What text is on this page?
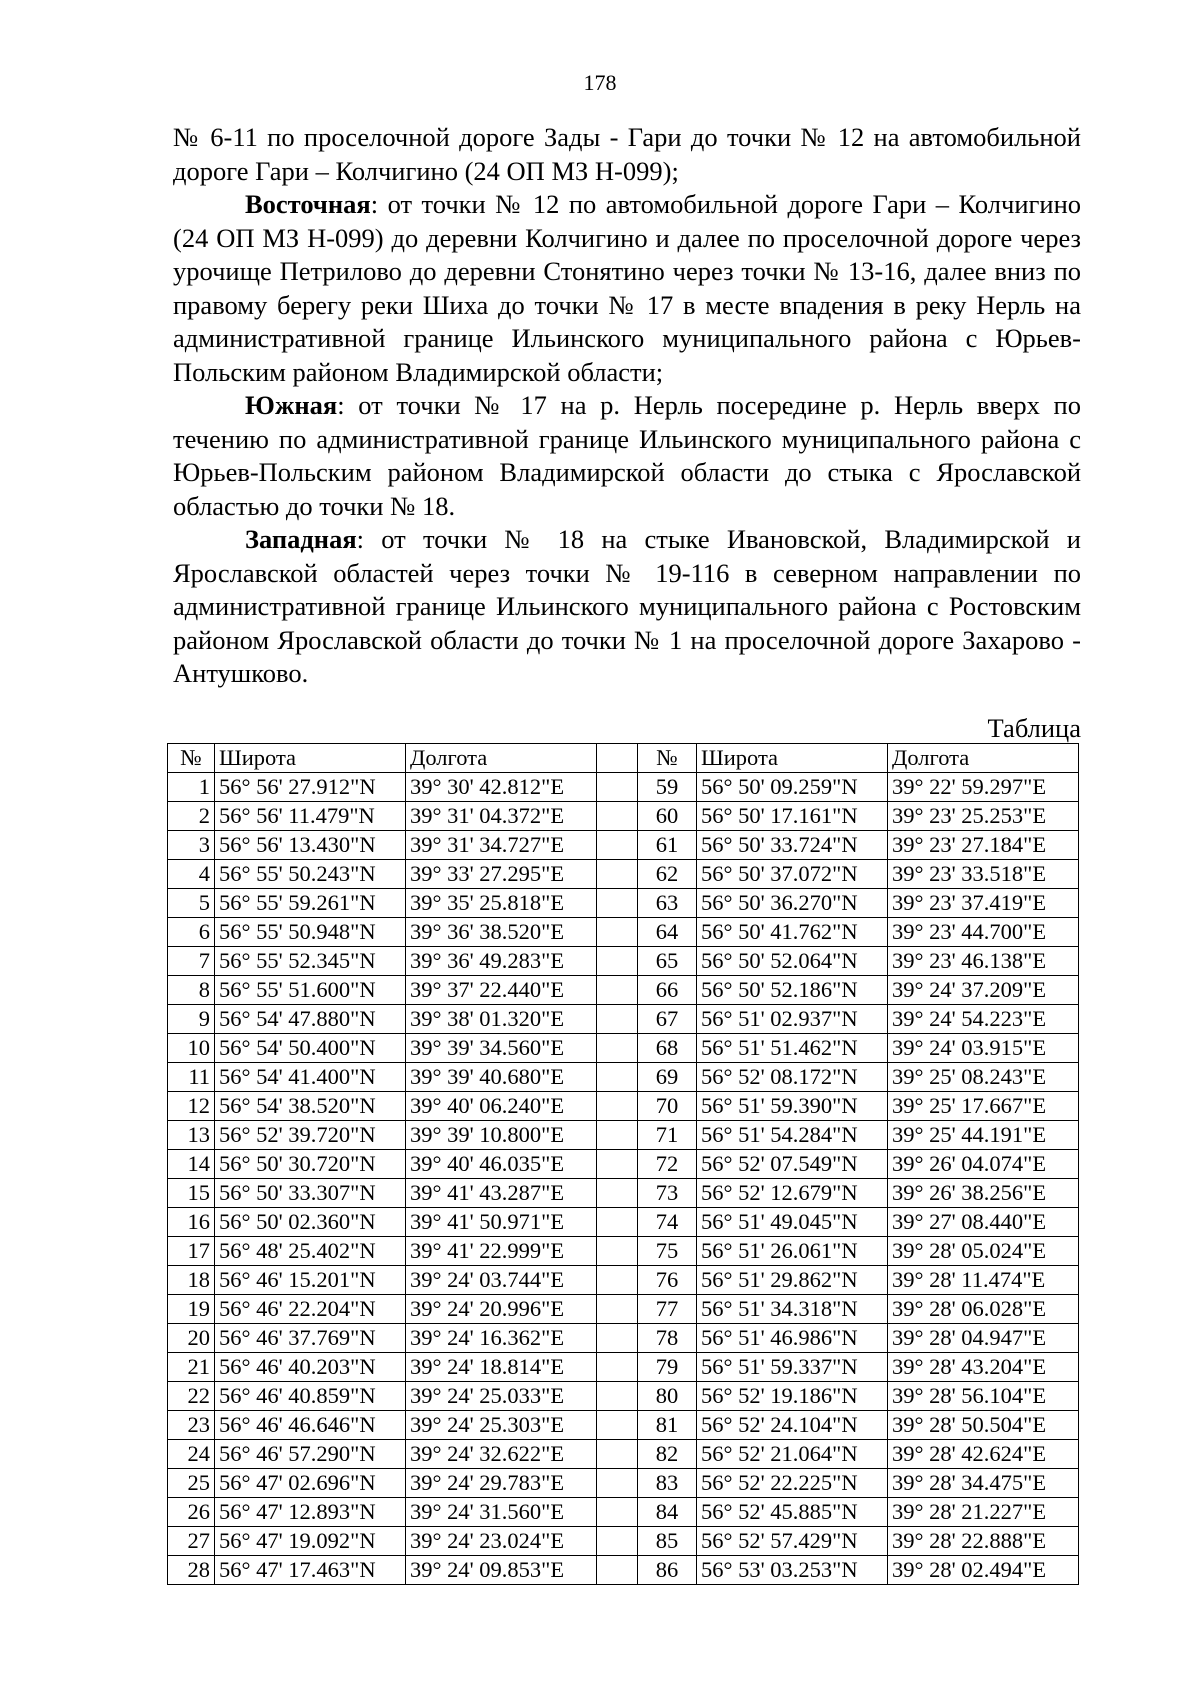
178

№ 6-11 по проселочной дороге Зады - Гари до точки № 12 на автомобильной дороге Гари – Колчигино (24 ОП МЗ Н-099);

Восточная: от точки № 12 по автомобильной дороге Гари – Колчигино (24 ОП МЗ Н-099) до деревни Колчигино и далее по проселочной дороге через урочище Петрилово до деревни Стонятино через точки № 13-16, далее вниз по правому берегу реки Шиха до точки № 17 в месте впадения в реку Нерль на административной границе Ильинского муниципального района с Юрьев-Польским районом Владимирской области;

Южная: от точки № 17 на р. Нерль посередине р. Нерль вверх по течению по административной границе Ильинского муниципального района с Юрьев-Польским районом Владимирской области до стыка с Ярославской областью до точки № 18.

Западная: от точки № 18 на стыке Ивановской, Владимирской и Ярославской областей через точки № 19-116 в северном направлении по административной границе Ильинского муниципального района с Ростовским районом Ярославской области до точки № 1 на проселочной дороге Захарово - Антушково.

Таблица
№	Широта	Долгота		№	Широта	Долгота
1	56° 56' 27.912"N	39° 30' 42.812"E		59	56° 50' 09.259"N	39° 22' 59.297"E
2	56° 56' 11.479"N	39° 31' 04.372"E		60	56° 50' 17.161"N	39° 23' 25.253"E
3	56° 56' 13.430"N	39° 31' 34.727"E		61	56° 50' 33.724"N	39° 23' 27.184"E
4	56° 55' 50.243"N	39° 33' 27.295"E		62	56° 50' 37.072"N	39° 23' 33.518"E
5	56° 55' 59.261"N	39° 35' 25.818"E		63	56° 50' 36.270"N	39° 23' 37.419"E
6	56° 55' 50.948"N	39° 36' 38.520"E		64	56° 50' 41.762"N	39° 23' 44.700"E
7	56° 55' 52.345"N	39° 36' 49.283"E		65	56° 50' 52.064"N	39° 23' 46.138"E
8	56° 55' 51.600"N	39° 37' 22.440"E		66	56° 50' 52.186"N	39° 24' 37.209"E
9	56° 54' 47.880"N	39° 38' 01.320"E		67	56° 51' 02.937"N	39° 24' 54.223"E
10	56° 54' 50.400"N	39° 39' 34.560"E		68	56° 51' 51.462"N	39° 24' 03.915"E
11	56° 54' 41.400"N	39° 39' 40.680"E		69	56° 52' 08.172"N	39° 25' 08.243"E
12	56° 54' 38.520"N	39° 40' 06.240"E		70	56° 51' 59.390"N	39° 25' 17.667"E
13	56° 52' 39.720"N	39° 39' 10.800"E		71	56° 51' 54.284"N	39° 25' 44.191"E
14	56° 50' 30.720"N	39° 40' 46.035"E		72	56° 52' 07.549"N	39° 26' 04.074"E
15	56° 50' 33.307"N	39° 41' 43.287"E		73	56° 52' 12.679"N	39° 26' 38.256"E
16	56° 50' 02.360"N	39° 41' 50.971"E		74	56° 51' 49.045"N	39° 27' 08.440"E
17	56° 48' 25.402"N	39° 41' 22.999"E		75	56° 51' 26.061"N	39° 28' 05.024"E
18	56° 46' 15.201"N	39° 24' 03.744"E		76	56° 51' 29.862"N	39° 28' 11.474"E
19	56° 46' 22.204"N	39° 24' 20.996"E		77	56° 51' 34.318"N	39° 28' 06.028"E
20	56° 46' 37.769"N	39° 24' 16.362"E		78	56° 51' 46.986"N	39° 28' 04.947"E
21	56° 46' 40.203"N	39° 24' 18.814"E		79	56° 51' 59.337"N	39° 28' 43.204"E
22	56° 46' 40.859"N	39° 24' 25.033"E		80	56° 52' 19.186"N	39° 28' 56.104"E
23	56° 46' 46.646"N	39° 24' 25.303"E		81	56° 52' 24.104"N	39° 28' 50.504"E
24	56° 46' 57.290"N	39° 24' 32.622"E		82	56° 52' 21.064"N	39° 28' 42.624"E
25	56° 47' 02.696"N	39° 24' 29.783"E		83	56° 52' 22.225"N	39° 28' 34.475"E
26	56° 47' 12.893"N	39° 24' 31.560"E		84	56° 52' 45.885"N	39° 28' 21.227"E
27	56° 47' 19.092"N	39° 24' 23.024"E		85	56° 52' 57.429"N	39° 28' 22.888"E
28	56° 47' 17.463"N	39° 24' 09.853"E		86	56° 53' 03.253"N	39° 28' 02.494"E
